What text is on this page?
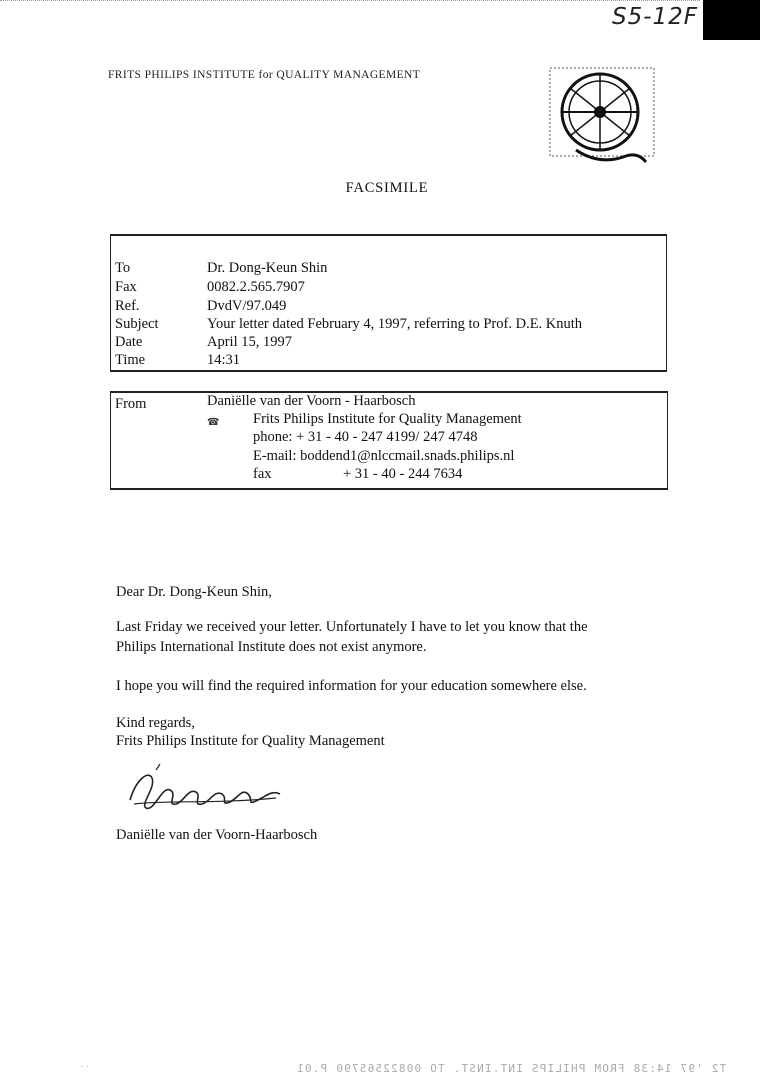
S5-12F
FRITS PHILIPS INSTITUTE for QUALITY MANAGEMENT
FACSIMILE
To	Dr. Dong-Keun Shin
Fax	0082.2.565.7907
Ref.	DvdV/97.049
Subject	Your letter dated February 4, 1997, referring to Prof. D.E. Knuth
Date	April 15, 1997
Time	14:31
From	Daniëlle van der Voorn - Haarbosch
☎ Frits Philips Institute for Quality Management
phone: + 31 - 40 - 247 4199/ 247 4748
E-mail: boddend1@nlccmail.snads.philips.nl
fax	+ 31 - 40 - 244 7634
Dear Dr. Dong-Keun Shin,

Last Friday we received your letter. Unfortunately I have to let you know that the

Philips International Institute does not exist anymore.

I hope you will find the required information for your education somewhere else.
Kind regards,
Frits Philips Institute for Quality Management
Daniëlle van der Voorn-Haarbosch
· ·	T2 '97 14:38 FROM PHILIPS INT.INST. TO 00822565790 P.01
